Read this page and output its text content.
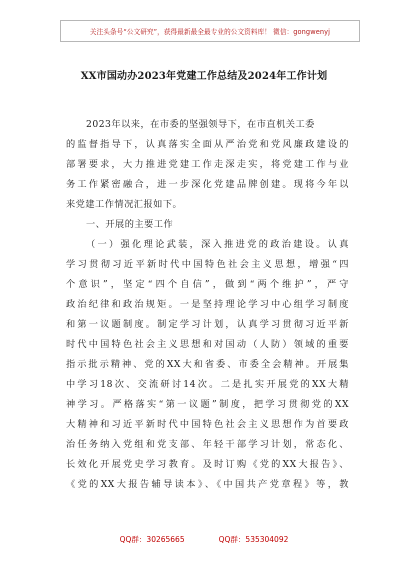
关注头条号“公文研究”，获得最新最全最专业的公文资料库！ 微信：gongwenyj
XX市国动办2023年党建工作总结及2024年工作计划
2023年以来，在市委的坚强领导下，在市直机关工委
的监督指导下，认真落实全面从严治党和党风廉政建设的
部署要求，大力推进党建工作走深走实，将党建工作与业
务工作紧密融合，进一步深化党建品牌创建。现将今年以
来党建工作情况汇报如下。
一、开展的主要工作
（一）强化理论武装，深入推进党的政治建设。认真
学习贯彻习近平新时代中国特色社会主义思想，增强“四
个意识”，坚定“四个自信”，做到“两个维护”，严守
政治纪律和政治规矩。一是坚持理论学习中心组学习制度
和第一议题制度。制定学习计划，认真学习贯彻习近平新
时代中国特色社会主义思想和对国动（人防）领域的重要
指示批示精神、党的XX大和省委、市委全会精神。开展集
中学习18次、交流研讨14次。二是扎实开展党的XX大精
神学习。严格落实“第一议题”制度，把学习贯彻党的XX
大精神和习近平新时代中国特色社会主义思想作为首要政
治任务纳入党组和党支部、年轻干部学习计划，常态化、
长效化开展党史学习教育。及时订购《党的XX大报告》、
《党的XX大报告辅导读本》、《中国共产党章程》等，教
QQ群：30265665	QQ群：535304092
